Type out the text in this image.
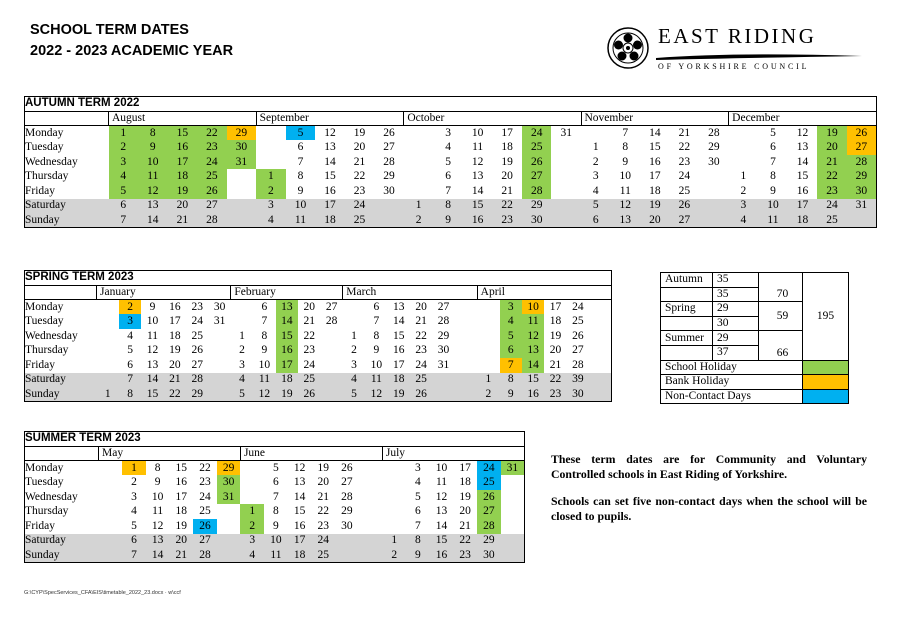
SCHOOL TERM DATES
2022 - 2023 ACADEMIC YEAR
EAST RIDING
OF YORKSHIRE COUNCIL
AUTUMN TERM 2022																										
	August					September					October						November					December				
Monday	1	8	15	22	29		5	12	19	26		3	10	17	24	31		7	14	21	28		5	12	19	26
Tuesday	2	9	16	23	30		6	13	20	27		4	11	18	25		1	8	15	22	29		6	13	20	27
Wednesday	3	10	17	24	31		7	14	21	28		5	12	19	26		2	9	16	23	30		7	14	21	28
Thursday	4	11	18	25		1	8	15	22	29		6	13	20	27		3	10	17	24		1	8	15	22	29
Friday	5	12	19	26		2	9	16	23	30		7	14	21	28		4	11	18	25		2	9	16	23	30
Saturday	6	13	20	27		3	10	17	24		1	8	15	22	29		5	12	19	26		3	10	17	24	31
Sunday	7	14	21	28		4	11	18	25		2	9	16	23	30		6	13	20	27		4	11	18	25	
SPRING TERM 2023																							
	January						February					March						April					
Monday		2	9	16	23	30		6	13	20	27		6	13	20	27			3	10	17	24	
Tuesday		3	10	17	24	31		7	14	21	28		7	14	21	28			4	11	18	25	
Wednesday		4	11	18	25		1	8	15	22		1	8	15	22	29			5	12	19	26	
Thursday		5	12	19	26		2	9	16	23		2	9	16	23	30			6	13	20	27	
Friday		6	13	20	27		3	10	17	24		3	10	17	24	31			7	14	21	28	
Saturday		7	14	21	28		4	11	18	25		4	11	18	25			1	8	15	22	39	
Sunday	1	8	15	22	29		5	12	19	26		5	12	19	26			2	9	16	23	30	
SUMMER TERM 2023																		
	May						June						July					
Monday		1	8	15	22	29		5	12	19	26			3	10	17	24	31
Tuesday		2	9	16	23	30		6	13	20	27			4	11	18	25	
Wednesday		3	10	17	24	31		7	14	21	28			5	12	19	26	
Thursday		4	11	18	25		1	8	15	22	29			6	13	20	27	
Friday		5	12	19	26		2	9	16	23	30			7	14	21	28	
Saturday		6	13	20	27		3	10	17	24			1	8	15	22	29	
Sunday		7	14	21	28		4	11	18	25			2	9	16	23	30	
Autumn	35	70	195
	35		
Spring	29	59	
	30		
Summer	29	66	
	37		
School Holiday			
Bank Holiday			
Non-Contact Days			

These term dates are for Community and Voluntary Controlled schools in East Riding of Yorkshire.

Schools can set five non-contact days when the school will be closed to pupils.

G:\CYP\SpecServices_CFA\EIS\timetable_2022_23.docx · w\ccf
